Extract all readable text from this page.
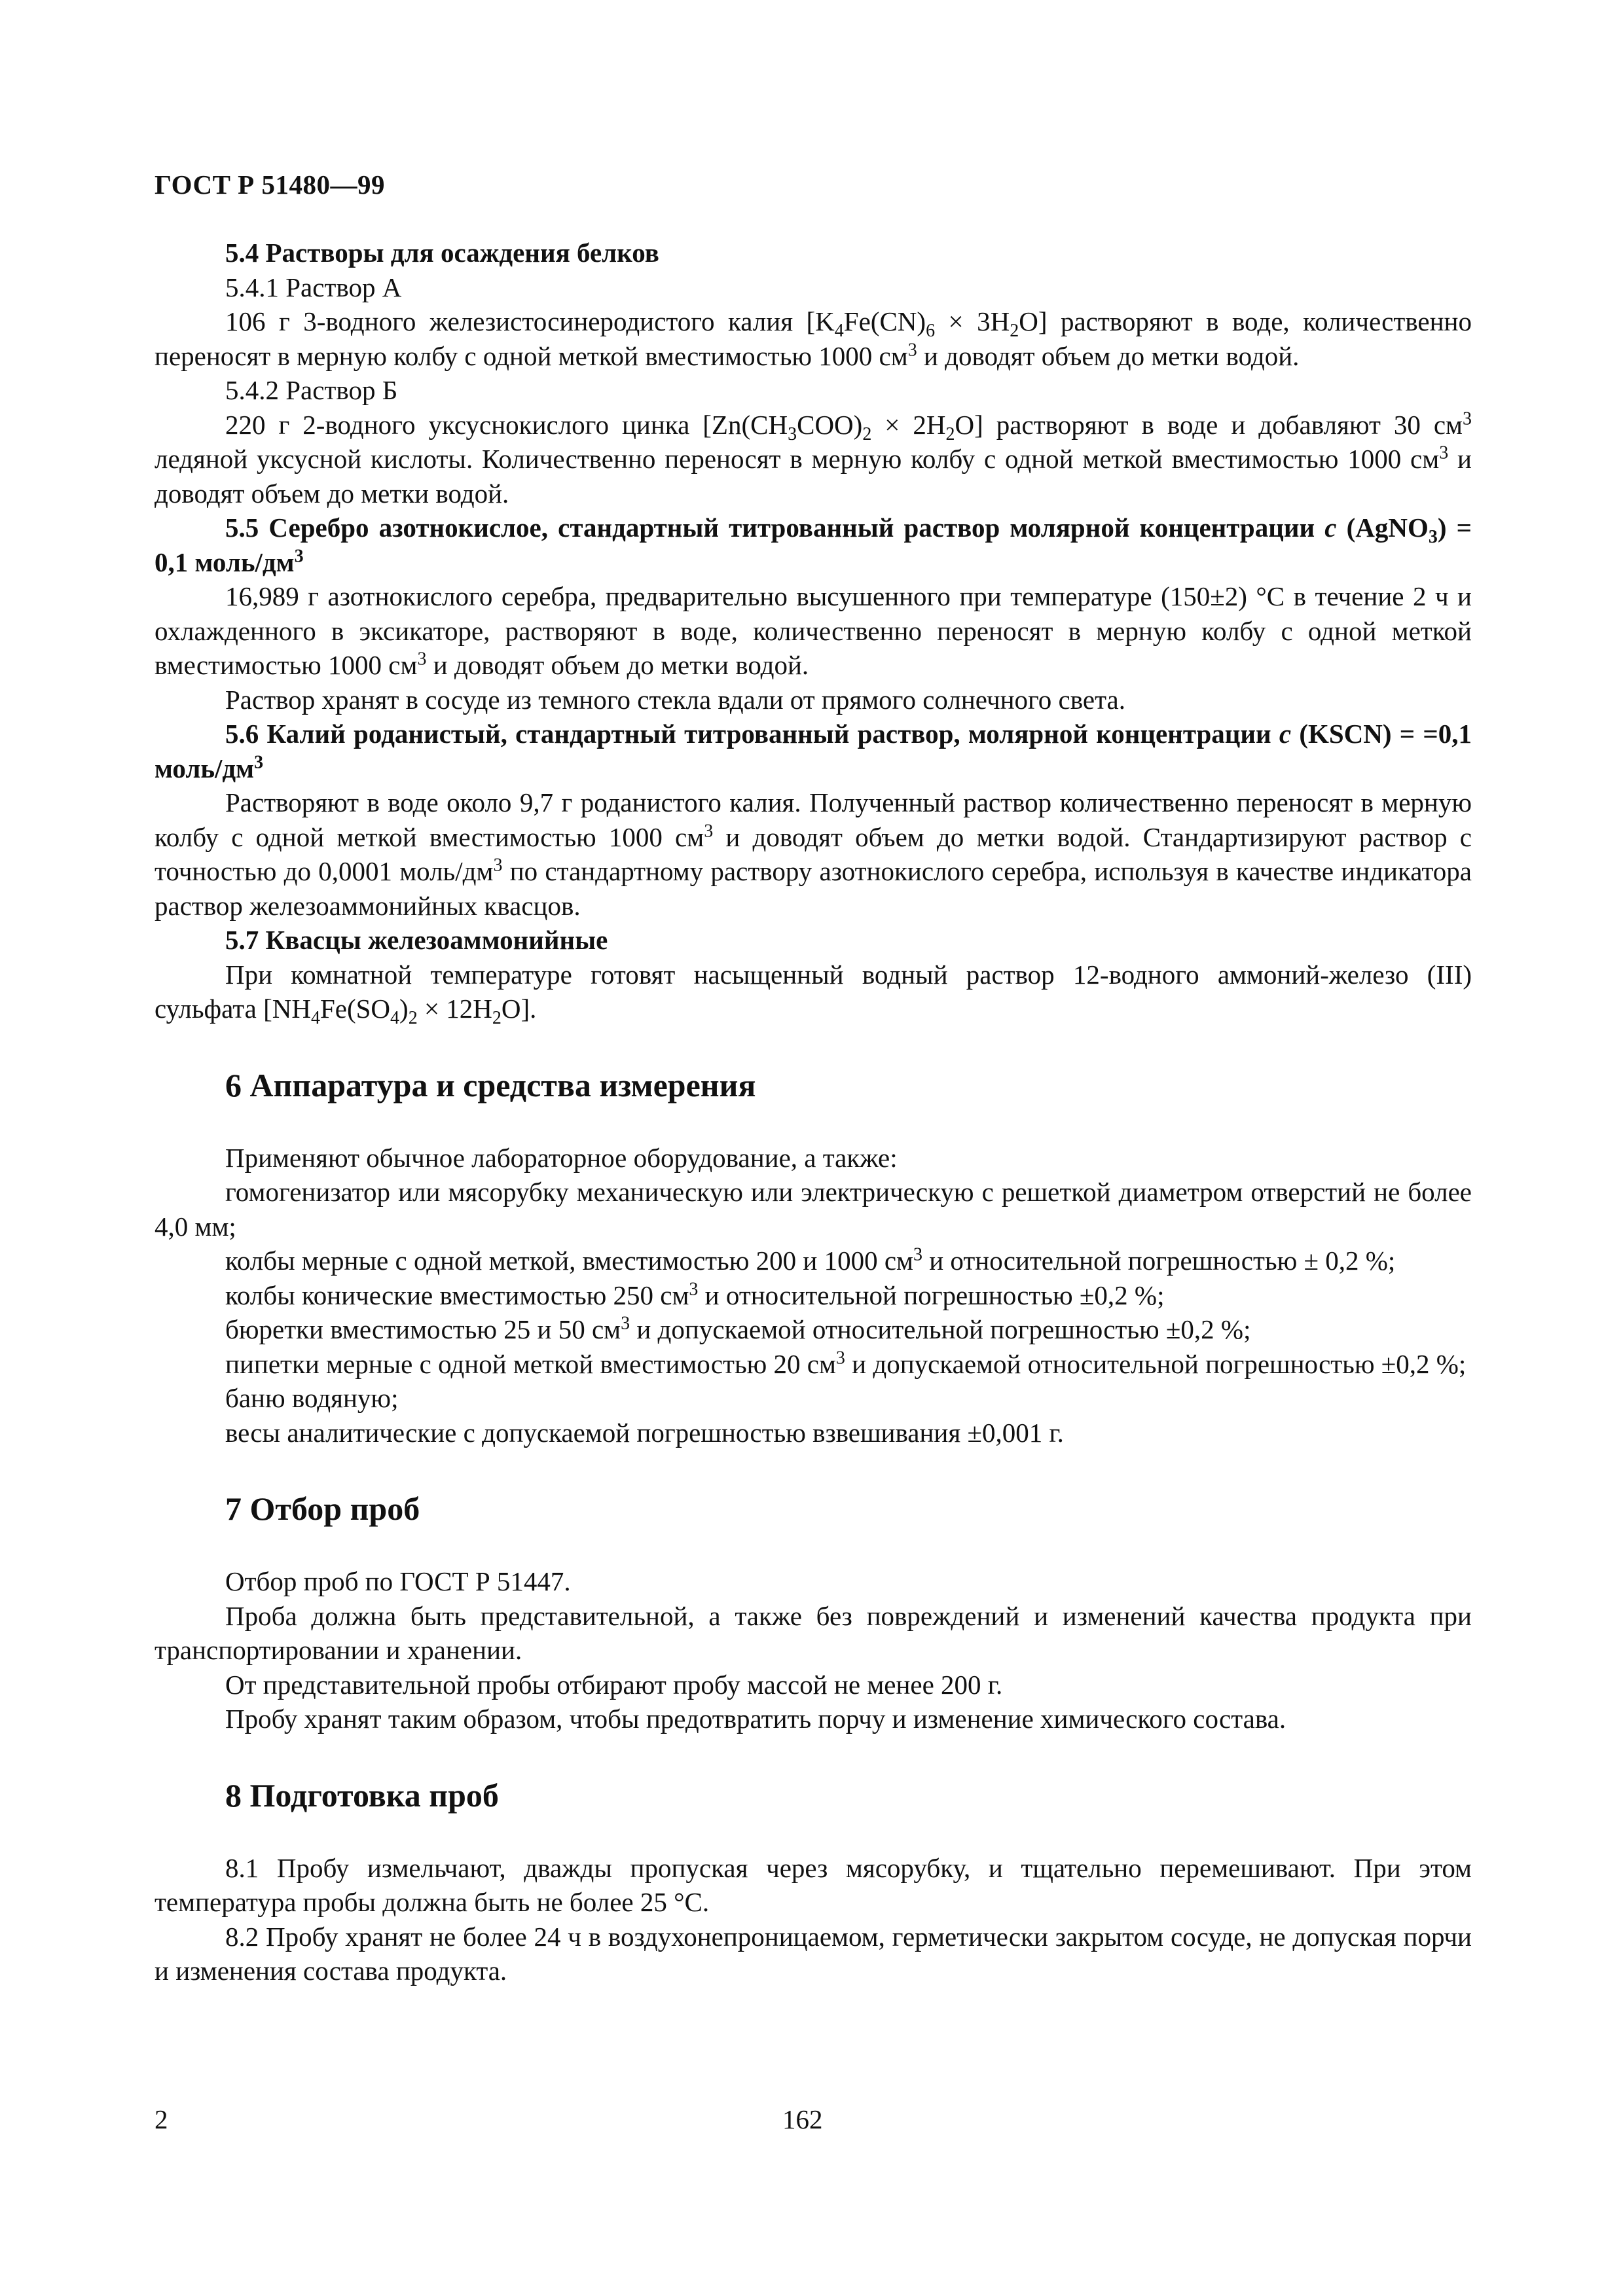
ГОСТ Р 51480—99

5.4 Растворы для осаждения белков

5.4.1 Раствор А

106 г 3-водного железистосинеродистого калия $[K_4Fe(CN)_6 \times 3H_2O]$ растворяют в воде, количественно переносят в мерную колбу с одной меткой вместимостью 1000 $см^3$ и доводят объем до метки водой.

5.4.2 Раствор Б

220 г 2-водного уксуснокислого цинка $[Zn(CH_3COO)_2 \times 2H_2O]$ растворяют в воде и добавляют 30 $см^3$ ледяной уксусной кислоты. Количественно переносят в мерную колбу с одной меткой вместимостью 1000 $см^3$ и доводят объем до метки водой.

5.5 Серебро азотнокислое, стандартный титрованный раствор молярной концентрации c (AgNO$_3$) = 0,1 моль/$дм^3$

16,989 г азотнокислого серебра, предварительно высушенного при температуре (150±2) °С в течение 2 ч и охлажденного в эксикаторе, растворяют в воде, количественно переносят в мерную колбу с одной меткой вместимостью 1000 $см^3$ и доводят объем до метки водой.

Раствор хранят в сосуде из темного стекла вдали от прямого солнечного света.

5.6 Калий роданистый, стандартный титрованный раствор, молярной концентрации c (KSCN) = =0,1 моль/$дм^3$

Растворяют в воде около 9,7 г роданистого калия. Полученный раствор количественно переносят в мерную колбу с одной меткой вместимостью 1000 $см^3$ и доводят объем до метки водой. Стандартизируют раствор с точностью до 0,0001 моль/$дм^3$ по стандартному раствору азотнокислого серебра, используя в качестве индикатора раствор железоаммонийных квасцов.

5.7 Квасцы железоаммонийные

При комнатной температуре готовят насыщенный водный раствор 12-водного аммоний-железо (III) сульфата $[NH_4Fe(SO_4)_2 \times 12H_2O]$.

6 Аппаратура и средства измерения

Применяют обычное лабораторное оборудование, а также:

гомогенизатор или мясорубку механическую или электрическую с решеткой диаметром отверстий не более 4,0 мм;

колбы мерные с одной меткой, вместимостью 200 и 1000 $см^3$ и относительной погрешностью ± 0,2 %;

колбы конические вместимостью 250 $см^3$ и относительной погрешностью ±0,2 %;

бюретки вместимостью 25 и 50 $см^3$ и допускаемой относительной погрешностью ±0,2 %;

пипетки мерные с одной меткой вместимостью 20 $см^3$ и допускаемой относительной погрешностью ±0,2 %;

баню водяную;

весы аналитические с допускаемой погрешностью взвешивания ±0,001 г.

7 Отбор проб

Отбор проб по ГОСТ Р 51447.

Проба должна быть представительной, а также без повреждений и изменений качества продукта при транспортировании и хранении.

От представительной пробы отбирают пробу массой не менее 200 г.

Пробу хранят таким образом, чтобы предотвратить порчу и изменение химического состава.

8 Подготовка проб

8.1 Пробу измельчают, дважды пропуская через мясорубку, и тщательно перемешивают. При этом температура пробы должна быть не более 25 °С.

8.2 Пробу хранят не более 24 ч в воздухонепроницаемом, герметически закрытом сосуде, не допуская порчи и изменения состава продукта.

2	162
